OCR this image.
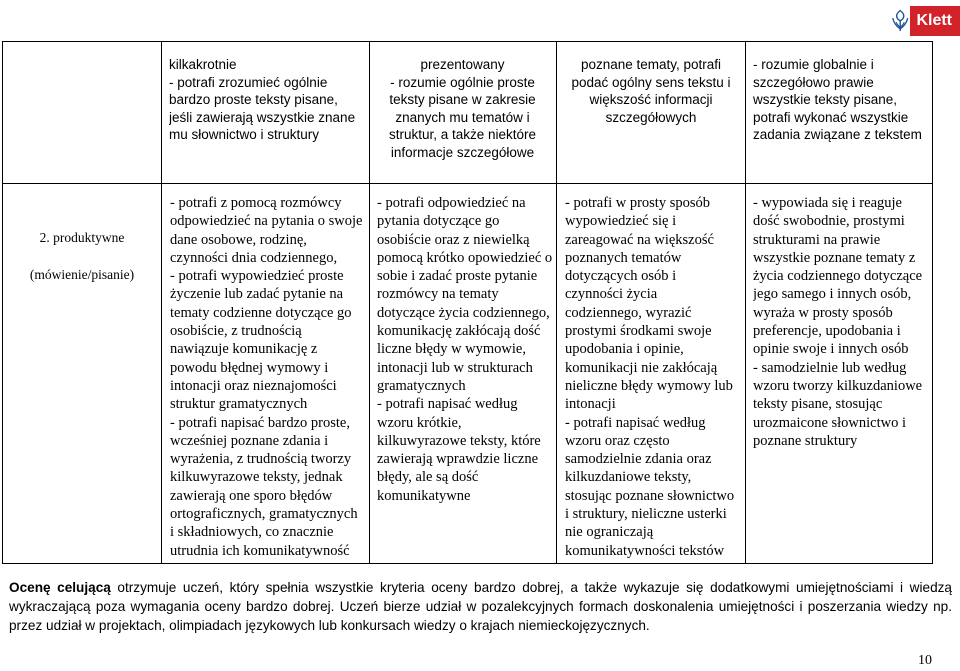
Klett
kilkakrotnie
- potrafi zrozumieć ogólnie bardzo proste teksty pisane, jeśli zawierają wszystkie znane mu słownictwo i struktury
prezentowany
- rozumie ogólnie proste teksty pisane w zakresie znanych mu tematów i struktur, a także niektóre informacje szczegółowe
poznane tematy, potrafi podać ogólny sens tekstu i większość informacji szczegółowych
- rozumie globalnie i szczegółowo prawie wszystkie teksty pisane, potrafi wykonać wszystkie zadania związane z tekstem

2. produktywne

(mówienie/pisanie)

- potrafi z pomocą rozmówcy odpowiedzieć na pytania o swoje dane osobowe, rodzinę, czynności dnia codziennego,
- potrafi wypowiedzieć proste życzenie lub zadać pytanie na tematy codzienne dotyczące go osobiście, z trudnością nawiązuje komunikację z powodu błędnej wymowy i intonacji oraz nieznajomości struktur gramatycznych
- potrafi napisać bardzo proste, wcześniej poznane zdania i wyrażenia, z trudnością tworzy kilkuwyrazowe teksty, jednak zawierają one sporo błędów ortograficznych, gramatycznych i składniowych, co znacznie utrudnia ich komunikatywność
- potrafi odpowiedzieć na pytania dotyczące go osobiście oraz z niewielką pomocą krótko opowiedzieć o sobie i zadać proste pytanie rozmówcy na tematy dotyczące życia codziennego, komunikację zakłócają dość liczne błędy w wymowie, intonacji lub w strukturach gramatycznych
- potrafi napisać według wzoru krótkie, kilkuwyrazowe teksty, które zawierają wprawdzie liczne błędy, ale są dość komunikatywne
- potrafi w prosty sposób wypowiedzieć się i zareagować na większość poznanych tematów dotyczących osób i czynności życia codziennego, wyrazić prostymi środkami swoje upodobania i opinie, komunikacji nie zakłócają nieliczne błędy wymowy lub intonacji
- potrafi napisać według wzoru oraz często samodzielnie zdania oraz kilkuzdaniowe teksty, stosując poznane słownictwo i struktury, nieliczne usterki nie ograniczają komunikatywności tekstów
- wypowiada się i reaguje dość swobodnie, prostymi strukturami na prawie wszystkie poznane tematy z życia codziennego dotyczące jego samego i innych osób, wyraża w prosty sposób preferencje, upodobania i opinie swoje i innych osób
- samodzielnie lub według wzoru tworzy kilkuzdaniowe teksty pisane, stosując urozmaicone słownictwo i poznane struktury
Ocenę celującą otrzymuje uczeń, który spełnia wszystkie kryteria oceny bardzo dobrej, a także wykazuje się dodatkowymi umiejętnościami i wiedzą wykraczającą poza wymagania oceny bardzo dobrej. Uczeń bierze udział w pozalekcyjnych formach doskonalenia umiejętności i poszerzania wiedzy np. przez udział w projektach, olimpiadach językowych lub konkursach wiedzy o krajach niemieckojęzycznych.
10
